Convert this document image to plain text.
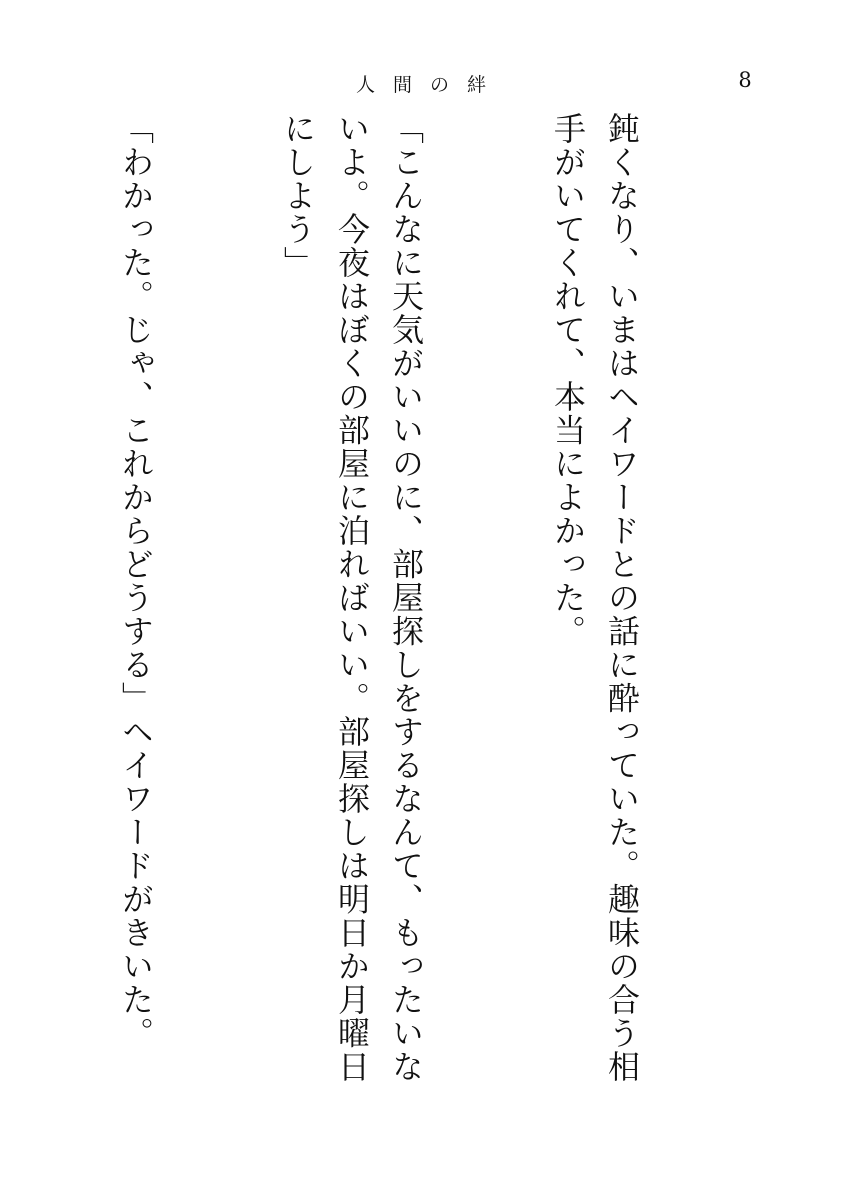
人間の絆	8

鈍くなり、いまはヘイワードとの話に酔っていた。趣味の合う相手がいてくれて、本当によかった。

「こんなに天気がいいのに、部屋探しをするなんて、もったいないよ。今夜はぼくの部屋に泊ればいい。部屋探しは明日か月曜日にしよう」

「わかった。じゃ、これからどうする」ヘイワードがきいた。
